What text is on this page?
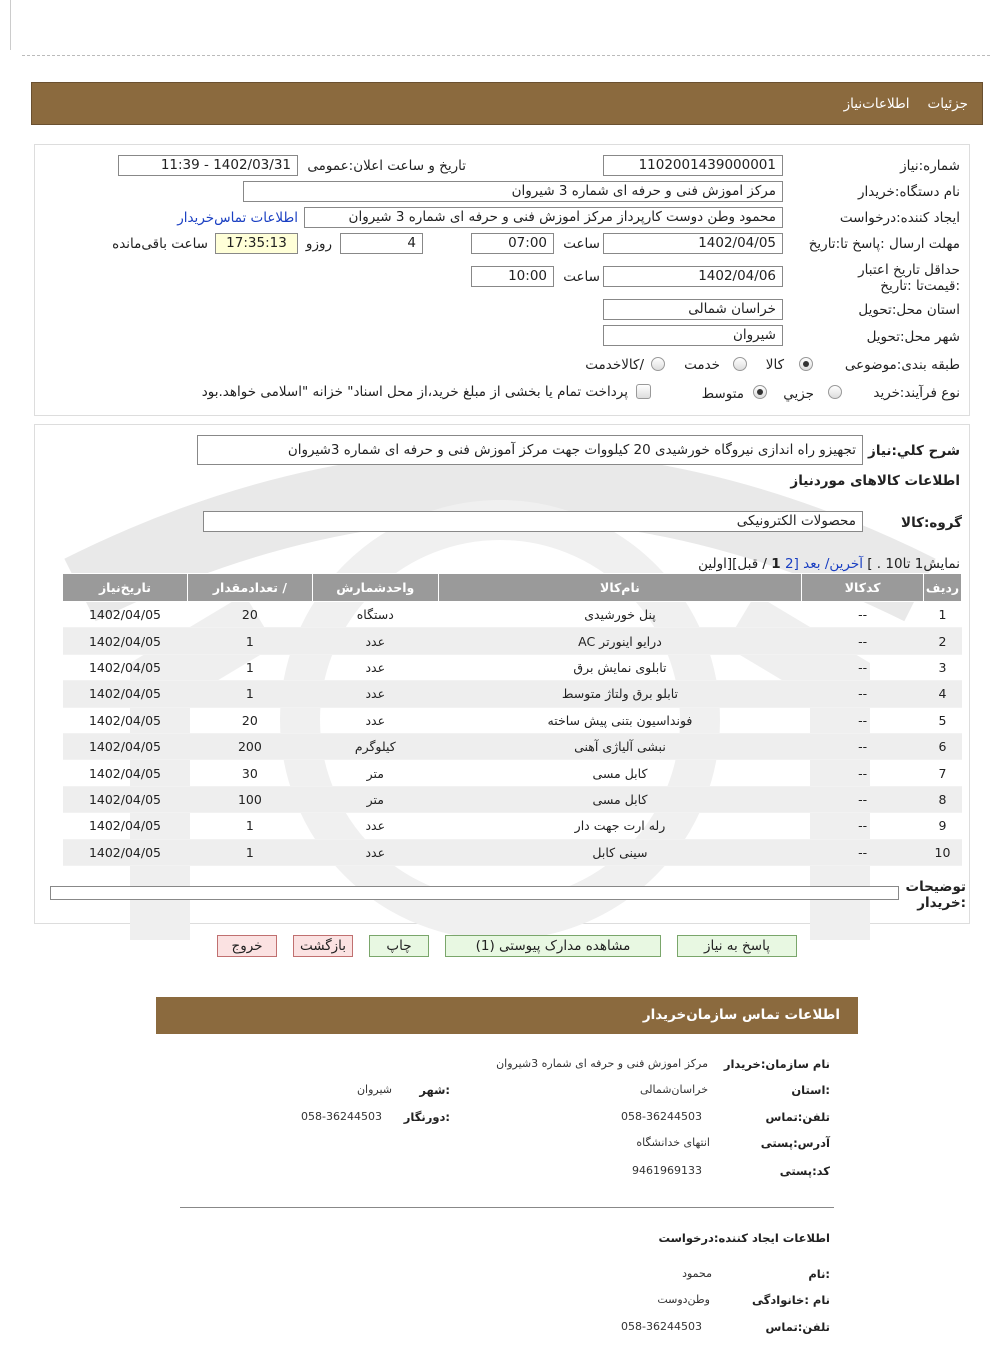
جزئیات
اطلاعات‌نیاز
شماره:نیاز
1102001439000001
تاریخ و ساعت اعلان:عمومی
1402/03/31 - 11:39
نام دستگاه:خریدار
مرکز اموزش فنی و حرفه ای شماره 3 شیروان
ایجاد کننده:درخواست
محمود وطن دوست کارپرداز مرکز اموزش فنی و حرفه ای شماره 3 شیروان
اطلاعات تماس‌خریدار
مهلت ارسال :پاسخ تا:تاریخ
1402/04/05
ساعت
07:00
4
روزو
17:35:13
ساعت باقی‌مانده
حداقل تاریخ اعتبار :قیمت‌تا :تاریخ
1402/04/06
ساعت
10:00
استان محل:تحویل
خراسان شمالی
شهر محل:تحویل
شیروان
طبقه بندی:موضوعی
کالا
خدمت
/کالاخدمت
نوع فرآیند:
خرید
جزیي
متوسط
پرداخت تمام یا بخشی از مبلغ خرید،از محل اسناد" خزانه "اسلامی خواهد.بود
شرح کلي:نیاز
تجهیزو راه اندازی نیروگاه خورشیدی 20 کیلووات جهت مرکز آموزش فنی و حرفه ای شماره 3شیروان
اطلاعات کالاهای موردنیاز
گروه:کالا
محصولات الکترونیکی
نمایش1 تا10 . ] آخرین/ بعد [2 1 / قبل][اولین
ردیف	کدکالا	نام‌کالا	واحدشمارش	/ تعدادمقدار	تاریخ‌نیاز
1	--	پنل خورشیدی	دستگاه	20	1402/04/05
2	--	درایو اینورتر AC	عدد	1	1402/04/05
3	--	تابلوی نمایش برق	عدد	1	1402/04/05
4	--	تابلو برق ولتاژ متوسط	عدد	1	1402/04/05
5	--	فونداسیون بتنی پیش ساخته	عدد	20	1402/04/05
6	--	نبشی آلیاژی آهنی	کیلوگرم	200	1402/04/05
7	--	کابل مسی	متر	30	1402/04/05
8	--	کابل مسی	متر	100	1402/04/05
9	--	رله ارت جهت دار	عدد	1	1402/04/05
10	--	سینی کابل	عدد	1	1402/04/05
توضیحات :خریدار
پاسخ به نیاز
مشاهده مدارک پیوستی (1)
چاپ
بازگشت
خروج
اطلاعات تماس سازمان‌خریدار
نام سازمان:خریدار
مرکز اموزش فنی و حرفه ای شماره 3شیروان
:استان
خراسان‌شمالی
:شهر
شیروان
تلفن:تماس
058-36244503
:دورنگار
058-36244503
آدرس:پستی
انتهای خدانشگاه
کد:پستی
9461969133
اطلاعات ایجاد کننده:درخواست
:نام
محمود
نام :خانوادگی
وطن‌دوست
تلفن:تماس
058-36244503
